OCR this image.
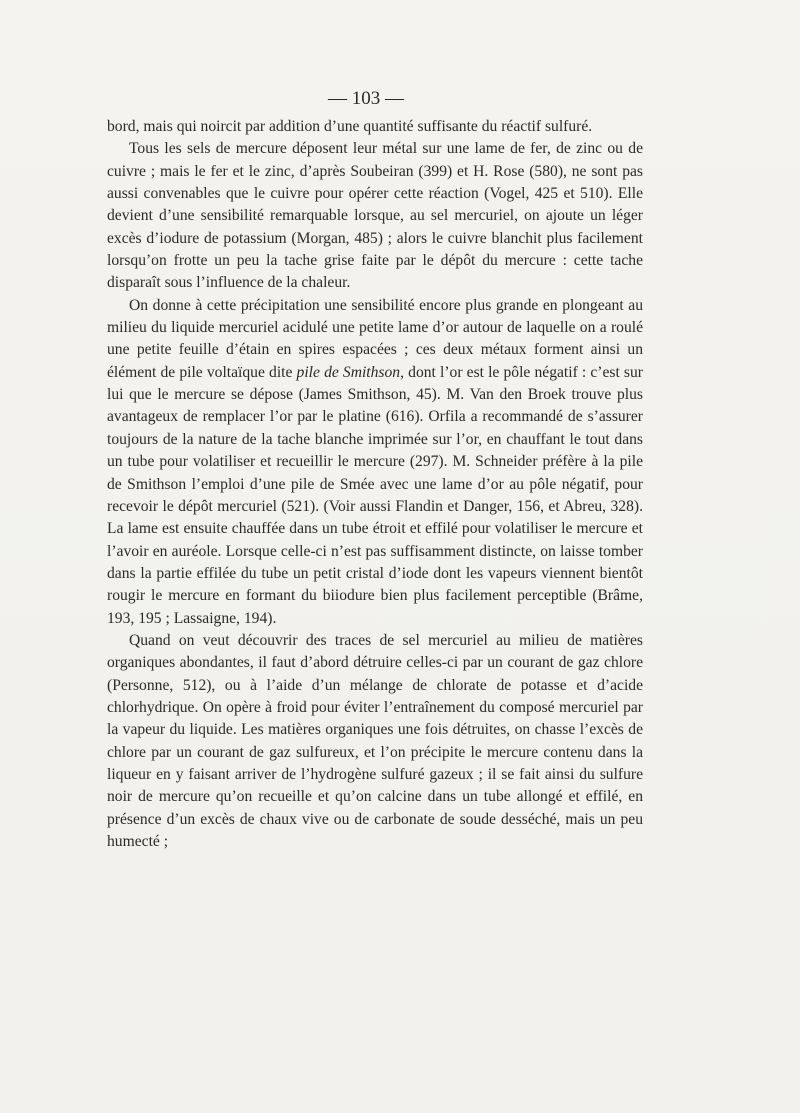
— 103 —

bord, mais qui noircit par addition d’une quantité suffisante du réactif sulfuré.

Tous les sels de mercure déposent leur métal sur une lame de fer, de zinc ou de cuivre ; mais le fer et le zinc, d’après Soubeiran (399) et H. Rose (580), ne sont pas aussi convenables que le cuivre pour opérer cette réaction (Vogel, 425 et 510). Elle devient d’une sensibilité remarquable lorsque, au sel mercuriel, on ajoute un léger excès d’iodure de potassium (Morgan, 485) ; alors le cuivre blanchit plus facilement lorsqu’on frotte un peu la tache grise faite par le dépôt du mercure : cette tache disparaît sous l’influence de la chaleur.

On donne à cette précipitation une sensibilité encore plus grande en plongeant au milieu du liquide mercuriel acidulé une petite lame d’or autour de laquelle on a roulé une petite feuille d’étain en spires espacées ; ces deux métaux forment ainsi un élément de pile voltaïque dite pile de Smithson, dont l’or est le pôle négatif : c’est sur lui que le mercure se dépose (James Smithson, 45). M. Van den Broek trouve plus avantageux de remplacer l’or par le platine (616). Orfila a recommandé de s’assurer toujours de la nature de la tache blanche imprimée sur l’or, en chauffant le tout dans un tube pour volatiliser et recueillir le mercure (297). M. Schneider préfère à la pile de Smithson l’emploi d’une pile de Smée avec une lame d’or au pôle négatif, pour recevoir le dépôt mercuriel (521). (Voir aussi Flandin et Danger, 156, et Abreu, 328). La lame est ensuite chauffée dans un tube étroit et effilé pour volatiliser le mercure et l’avoir en auréole. Lorsque celle-ci n’est pas suffisamment distincte, on laisse tomber dans la partie effilée du tube un petit cristal d’iode dont les vapeurs viennent bientôt rougir le mercure en formant du biiodure bien plus facilement perceptible (Brâme, 193, 195 ; Lassaigne, 194).

Quand on veut découvrir des traces de sel mercuriel au milieu de matières organiques abondantes, il faut d’abord détruire celles-ci par un courant de gaz chlore (Personne, 512), ou à l’aide d’un mélange de chlorate de potasse et d’acide chlorhydrique. On opère à froid pour éviter l’entraînement du composé mercuriel par la vapeur du liquide. Les matières organiques une fois détruites, on chasse l’excès de chlore par un courant de gaz sulfureux, et l’on précipite le mercure contenu dans la liqueur en y faisant arriver de l’hydrogène sulfuré gazeux ; il se fait ainsi du sulfure noir de mercure qu’on recueille et qu’on calcine dans un tube allongé et effilé, en présence d’un excès de chaux vive ou de carbonate de soude desséché, mais un peu humecté ;
